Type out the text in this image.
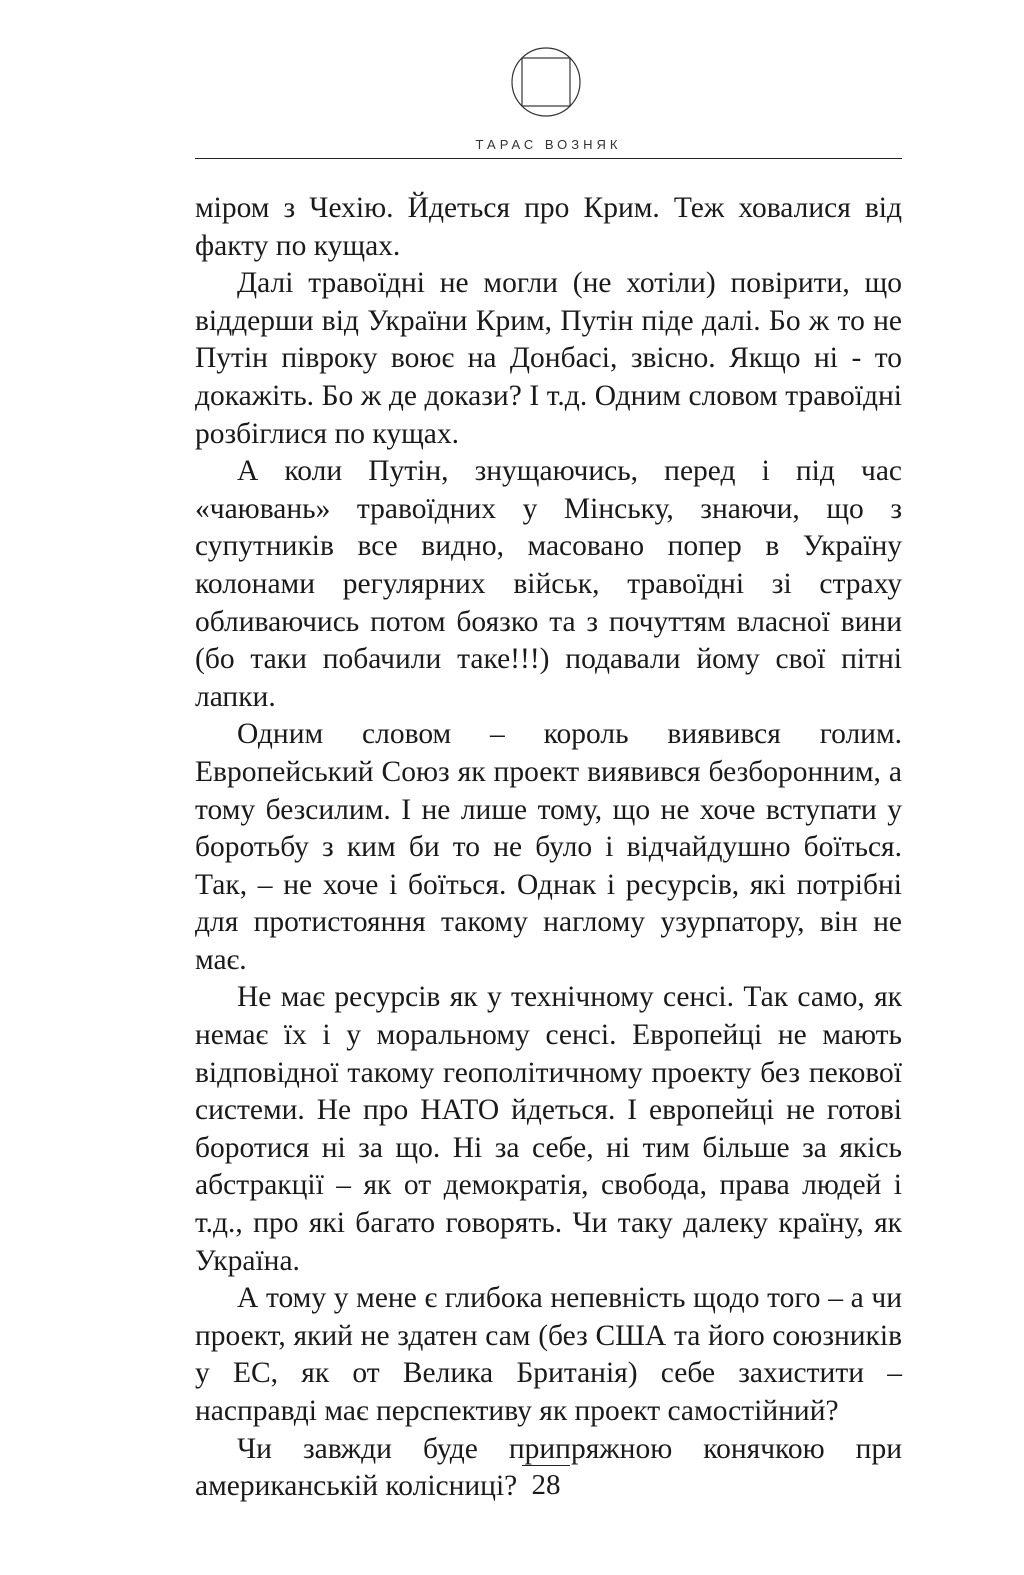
ТАРАС ВОЗНЯК

міром з Чехію. Йдеться про Крим. Теж ховалися від факту по кущах.

Далі травоїдні не могли (не хотіли) повірити, що віддерши від України Крим, Путін піде далі. Бо ж то не Путін півроку воює на Донбасі, звісно. Якщо ні - то докажіть. Бо ж де докази? І т.д. Одним словом травоїдні розбіглися по кущах.

А коли Путін, знущаючись, перед і під час «чаювань» травоїдних у Мінську, знаючи, що з супутників все видно, масовано попер в Україну колонами регулярних військ, травоїдні зі страху обливаючись потом боязко та з почуттям власної вини (бо таки побачили таке!!!) подавали йому свої пітні лапки.

Одним словом – король виявився голим. Европейський Союз як проект виявився безборонним, а тому безсилим. І не лише тому, що не хоче вступати у боротьбу з ким би то не було і відчайдушно боїться. Так, – не хоче і боїться. Однак і ресурсів, які потрібні для протистояння такому наглому узурпатору, він не має.

Не має ресурсів як у технічному сенсі. Так само, як немає їх і у моральному сенсі. Европейці не мають відповідної такому геополітичному проекту без пекової системи. Не про НАТО йдеться. І европейці не готові боротися ні за що. Ні за себе, ні тим більше за якісь абстракції – як от демократія, свобода, права людей і т.д., про які багато говорять. Чи таку далеку країну, як Україна.

А тому у мене є глибока непевність щодо того – а чи проект, який не здатен сам (без США та його союзників у ЕС, як от Велика Британія) себе захистити – насправді має перспективу як проект самостійний?

Чи завжди буде припряжною конячкою при американській колісниці? 28
